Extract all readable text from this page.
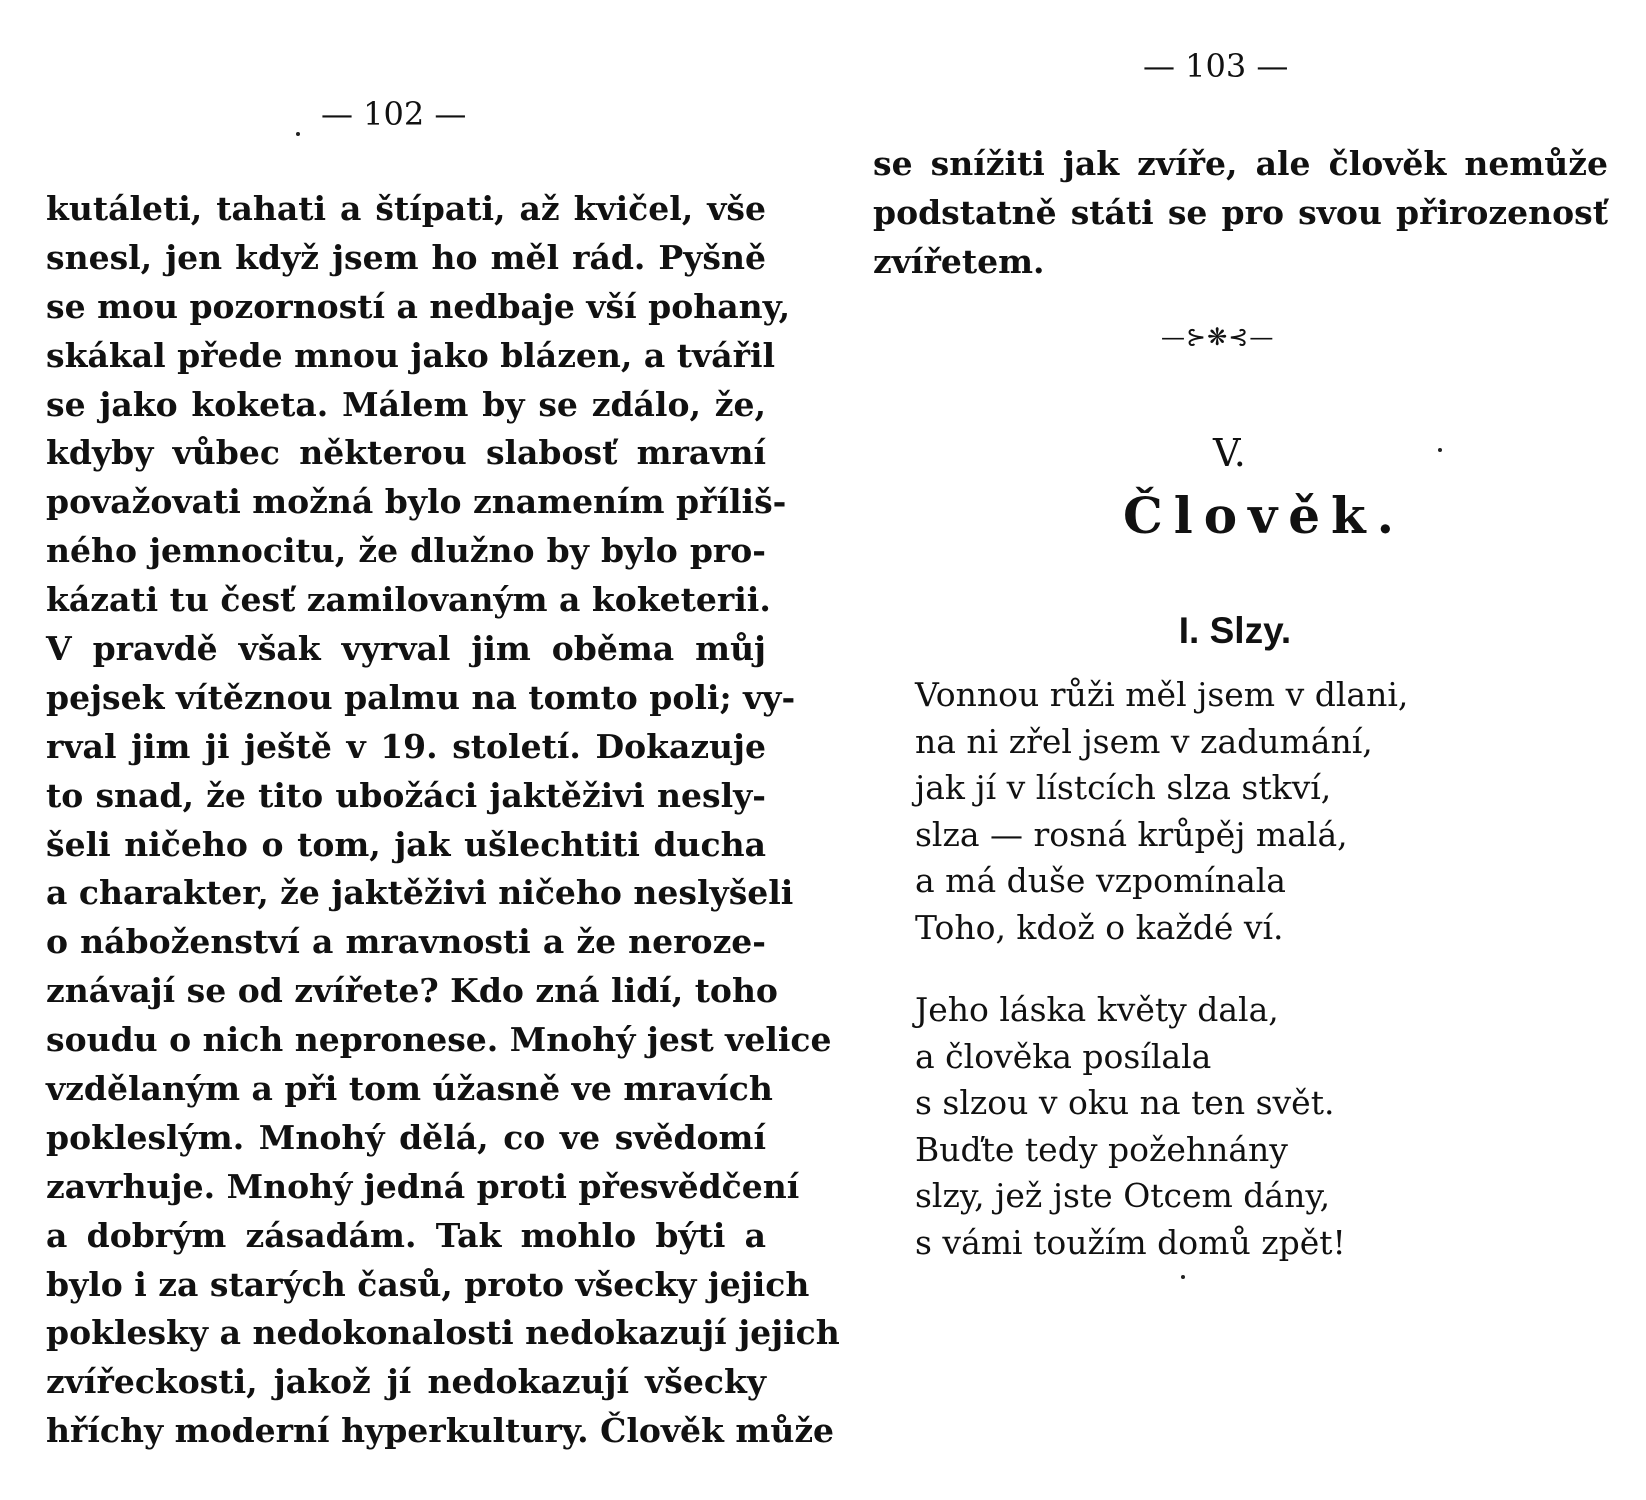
— 102 —
kutáleti, tahati a štípati, až kvičel, vše
snesl, jen když jsem ho měl rád. Pyšně
se mou pozorností a nedbaje vší pohany,
skákal přede mnou jako blázen, a tvářil
se jako koketa. Málem by se zdálo, že,
kdyby vůbec některou slabosť mravní
považovati možná bylo znamením příliš-
ného jemnocitu, že dlužno by bylo pro-
kázati tu česť zamilovaným a koketerii.
V pravdě však vyrval jim oběma můj
pejsek vítěznou palmu na tomto poli; vy-
rval jim ji ještě v 19. století. Dokazuje
to snad, že tito ubožáci jaktěživi nesly-
šeli ničeho o tom, jak ušlechtiti ducha
a charakter, že jaktěživi ničeho neslyšeli
o náboženství a mravnosti a že neroze-
znávají se od zvířete? Kdo zná lidí, toho
soudu o nich nepronese. Mnohý jest velice
vzdělaným a při tom úžasně ve mravích
pokleslým. Mnohý dělá, co ve svědomí
zavrhuje. Mnohý jedná proti přesvědčení
a dobrým zásadám. Tak mohlo býti a
bylo i za starých časů, proto všecky jejich
poklesky a nedokonalosti nedokazují jejich
zvířeckosti, jakož jí nedokazují všecky
hříchy moderní hyperkultury. Člověk může
— 103 —
se snížiti jak zvíře, ale člověk nemůže
podstatně státi se pro svou přirozenosť
zvířetem.
—⊱❋⊰—
V.
Člověk.
I. Slzy.
Vonnou růži měl jsem v dlani,
na ni zřel jsem v zadumání,
jak jí v lístcích slza stkví,
slza — rosná krůpěj malá,
a má duše vzpomínala
Toho, kdož o každé ví.
Jeho láska květy dala,
a člověka posílala
s slzou v oku na ten svět.
Buďte tedy požehnány
slzy, jež jste Otcem dány,
s vámi toužím domů zpět!
